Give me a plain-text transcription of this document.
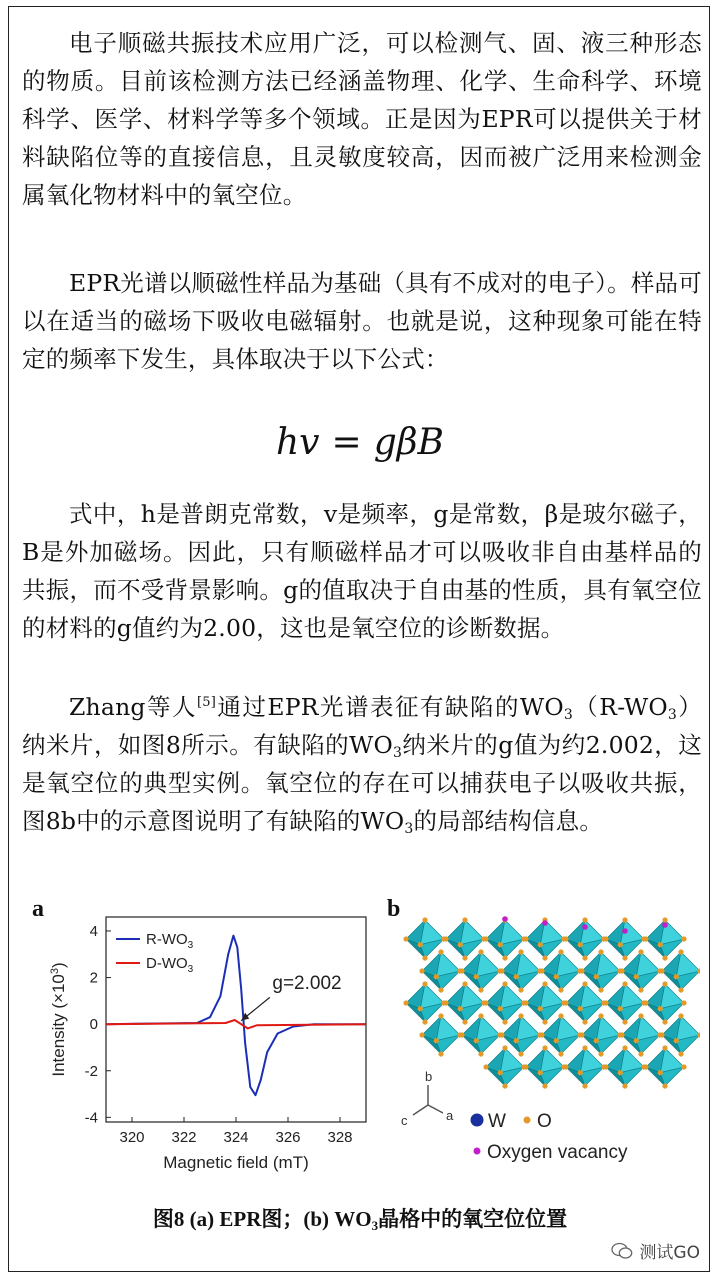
电子顺磁共振技术应用广泛，可以检测气、固、液三种形态的物质。目前该检测方法已经涵盖物理、化学、生命科学、环境科学、医学、材料学等多个领域。正是因为EPR可以提供关于材料缺陷位等的直接信息，且灵敏度较高，因而被广泛用来检测金属氧化物材料中的氧空位。
EPR光谱以顺磁性样品为基础（具有不成对的电子）。样品可以在适当的磁场下吸收电磁辐射。也就是说，这种现象可能在特定的频率下发生，具体取决于以下公式：
hv = gβB
式中，h是普朗克常数，v是频率，g是常数，β是玻尔磁子，B是外加磁场。因此，只有顺磁样品才可以吸收非自由基样品的共振，而不受背景影响。g的值取决于自由基的性质，具有氧空位的材料的g值约为2.00，这也是氧空位的诊断数据。
Zhang等人[5]通过EPR光谱表征有缺陷的$WO_3(R-WO_3)$纳米片，如图8所示。有缺陷的$WO_3$纳米片的g值为约2.002，这是氧空位的典型实例。氧空位的存在可以捕获电子以吸收共振，图8b中的示意图说明了有缺陷的$WO_3$的局部结构信息。
a	b
320 322 324 326 328
-4
-2
0
2
4
Magnetic field (mT)
Intensity $(\times 10^3)$
$R-WO_3$
$D-WO_3$
g=2.002
b
a
c	W O
Oxygen vacancy
图8 (a) EPR图；(b) $WO_3$晶格中的氧空位位置
测试GO
